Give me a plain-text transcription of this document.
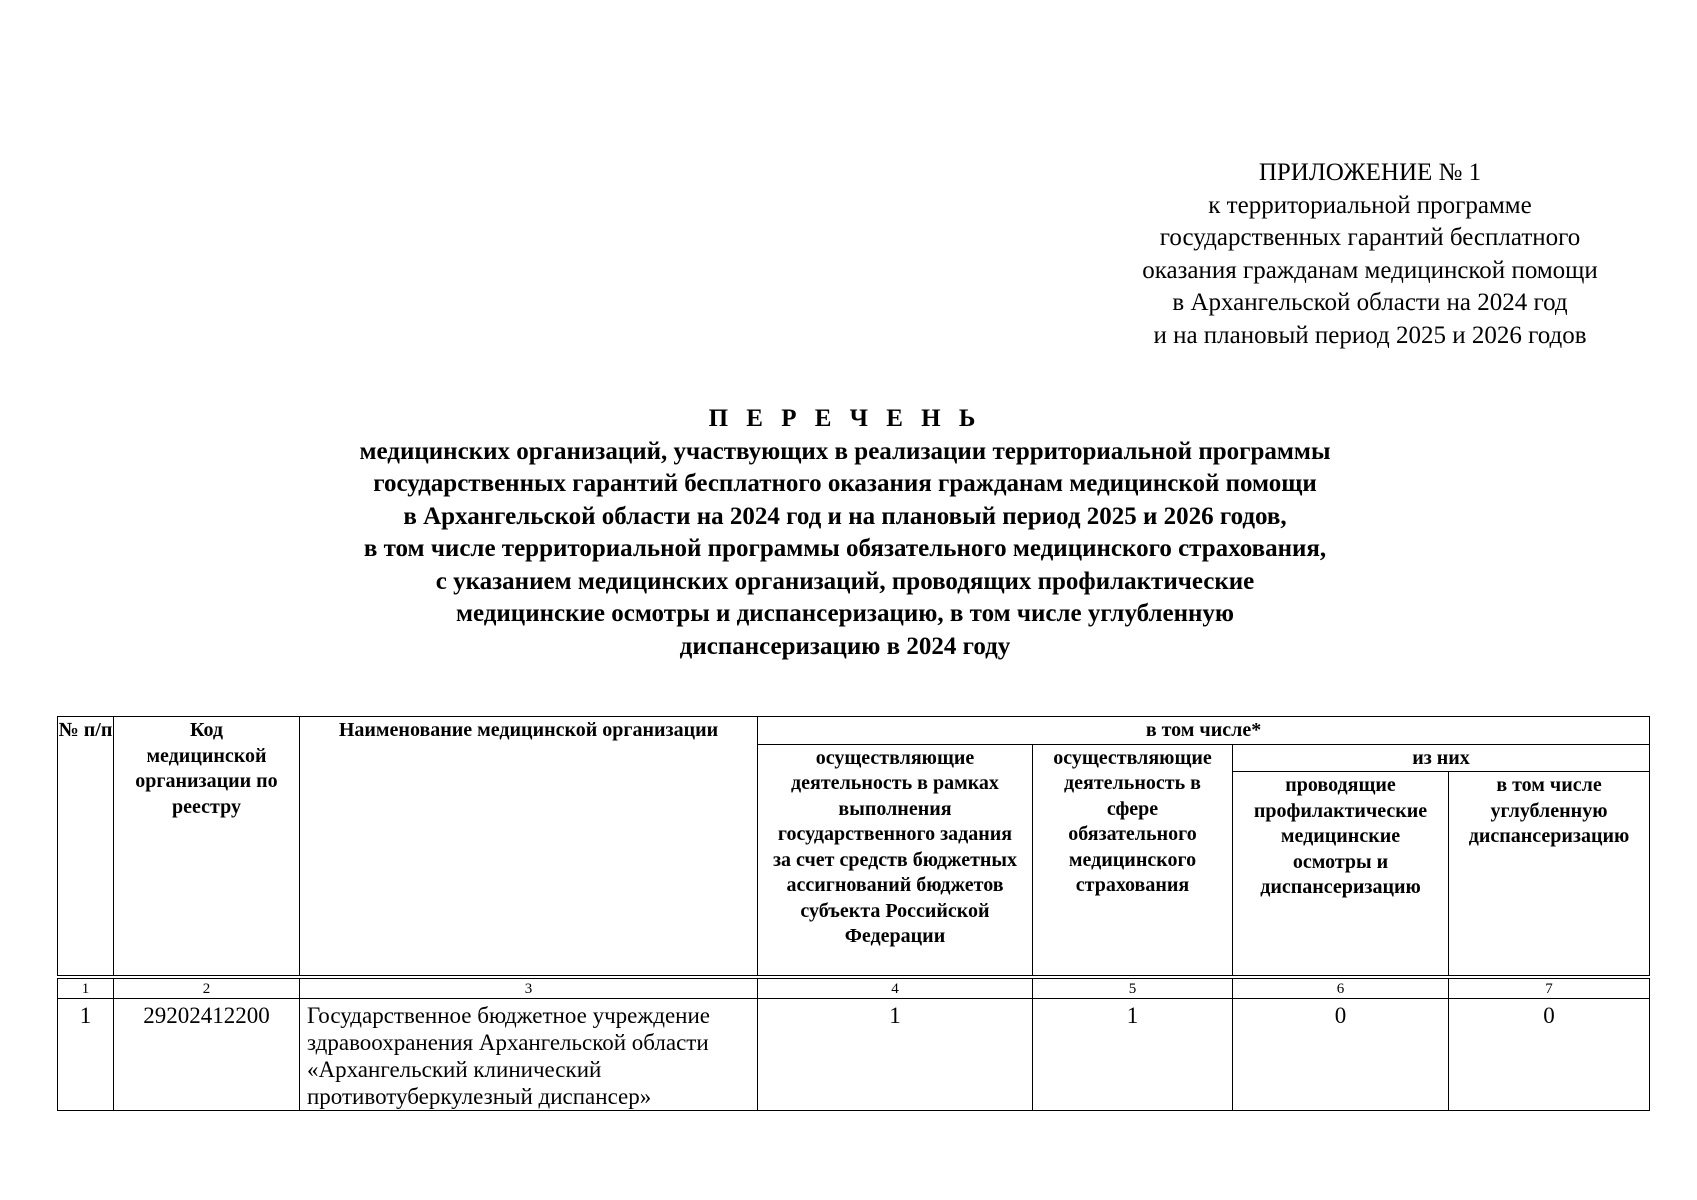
ПРИЛОЖЕНИЕ № 1
к территориальной программе
государственных гарантий бесплатного
оказания гражданам медицинской помощи
в Архангельской области на 2024 год
и на плановый период 2025 и 2026 годов
П Е Р Е Ч Е Н Ь
медицинских организаций, участвующих в реализации территориальной программы
государственных гарантий бесплатного оказания гражданам медицинской помощи
в Архангельской области на 2024 год и на плановый период 2025 и 2026 годов,
в том числе территориальной программы обязательного медицинского страхования,
с указанием медицинских организаций, проводящих профилактические
медицинские осмотры и диспансеризацию, в том числе углубленную
диспансеризацию в 2024 году
№ п/п	Код медицинской организации по реестру	Наименование медицинской организации	в том числе*			
			осуществляющие деятельность в рамках выполнения государственного задания за счет средств бюджетных ассигнований бюджетов субъекта Российской Федерации	осуществляющие деятельность в сфере обязательного медицинского страхования	из них	
					проводящие профилактические медицинские осмотры и диспансеризацию	в том числе углубленную диспансеризацию
1	2	3	4	5	6	7
1	29202412200	Государственное бюджетное учреждение здравоохранения Архангельской области «Архангельский клинический противотуберкулезный диспансер»	1	1	0	0
